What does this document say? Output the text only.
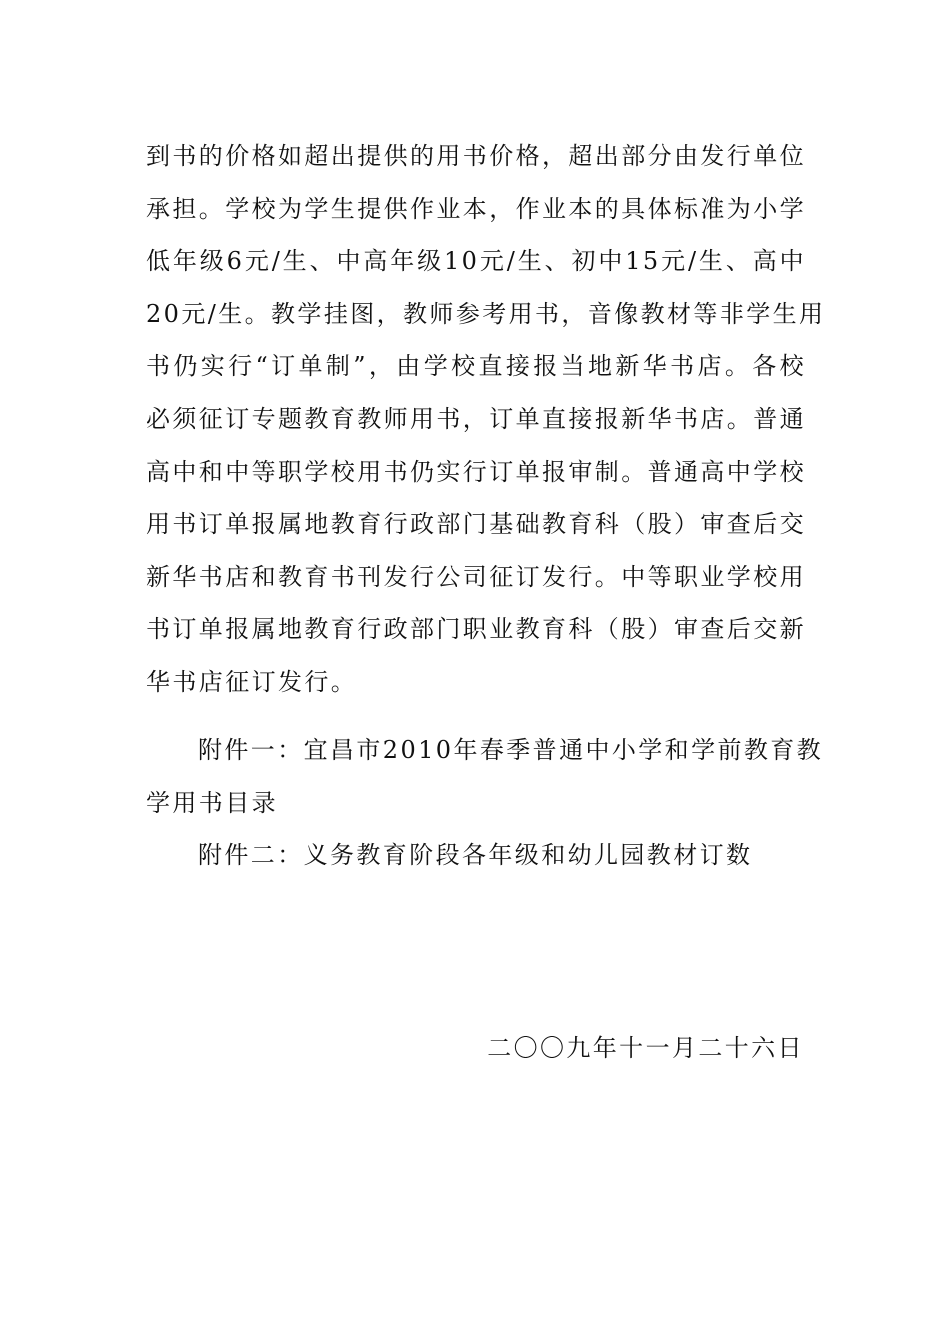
到书的价格如超出提供的用书价格，超出部分由发行单位
承担。学校为学生提供作业本，作业本的具体标准为小学
低年级6元/生、中高年级10元/生、初中15元/生、高中
20元/生。教学挂图，教师参考用书，音像教材等非学生用
书仍实行“订单制”，由学校直接报当地新华书店。各校
必须征订专题教育教师用书，订单直接报新华书店。普通
高中和中等职学校用书仍实行订单报审制。普通高中学校
用书订单报属地教育行政部门基础教育科（股）审查后交
新华书店和教育书刊发行公司征订发行。中等职业学校用
书订单报属地教育行政部门职业教育科（股）审查后交新
华书店征订发行。
附件一：宜昌市2010年春季普通中小学和学前教育教
学用书目录
附件二：义务教育阶段各年级和幼儿园教材订数
二〇〇九年十一月二十六日
